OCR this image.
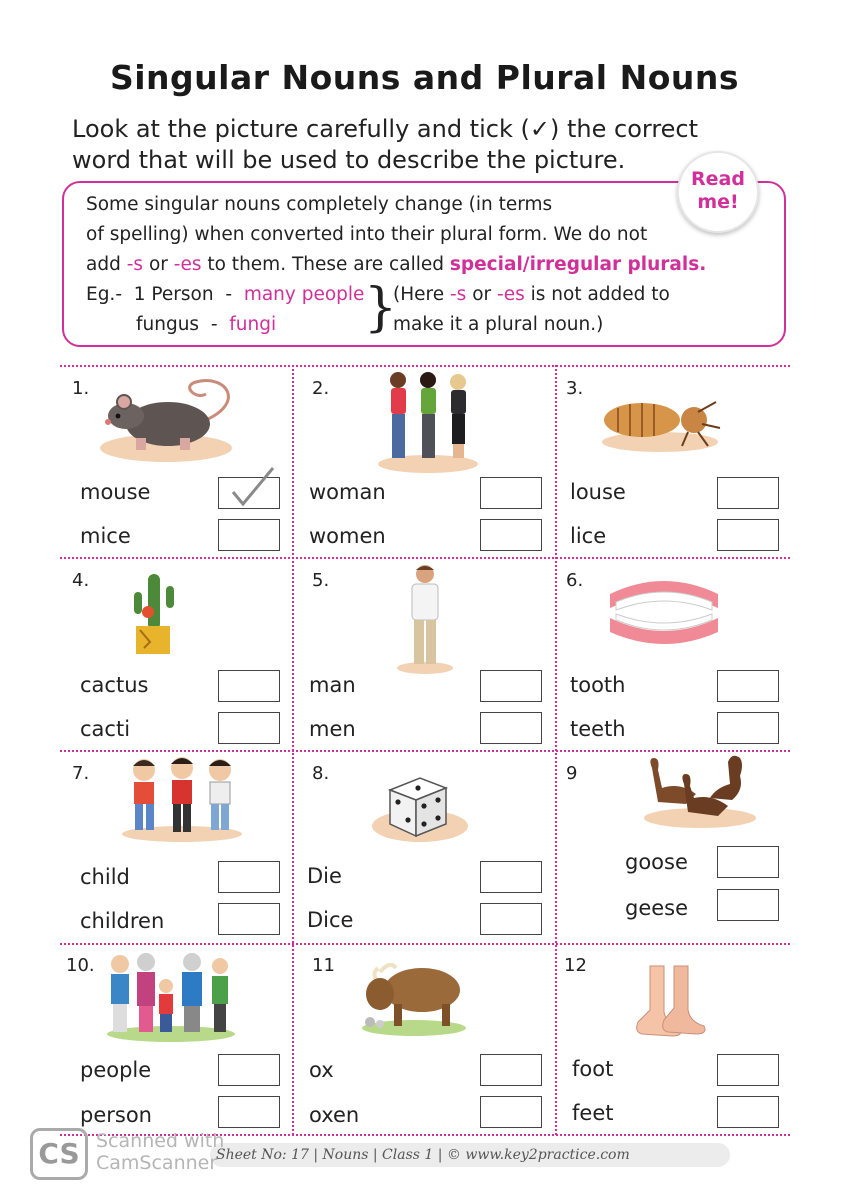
Singular Nouns and Plural Nouns
Look at the picture carefully and tick (✓) the correct
word that will be used to describe the picture.
Read
me!
Some singular nouns completely change (in terms
of spelling) when converted into their plural form. We do not
add -s or -es to them. These are called special/irregular plurals.
Eg.- 1 Person - many people
fungus - fungi }
(Here -s or -es is not added to
make it a plural noun.)
1.
mouse
mice
2.
woman
women
3.
louse
lice
4.
cactus
cacti
5.
man
men
6.
tooth
teeth
7.
child
children
8.
Die
Dice
9
goose
geese
10.
people
person
11
ox
oxen
12
foot
feet
Sheet No: 17 | Nouns | Class 1 | © www.key2practice.com
CS Scanned with
CamScanner
